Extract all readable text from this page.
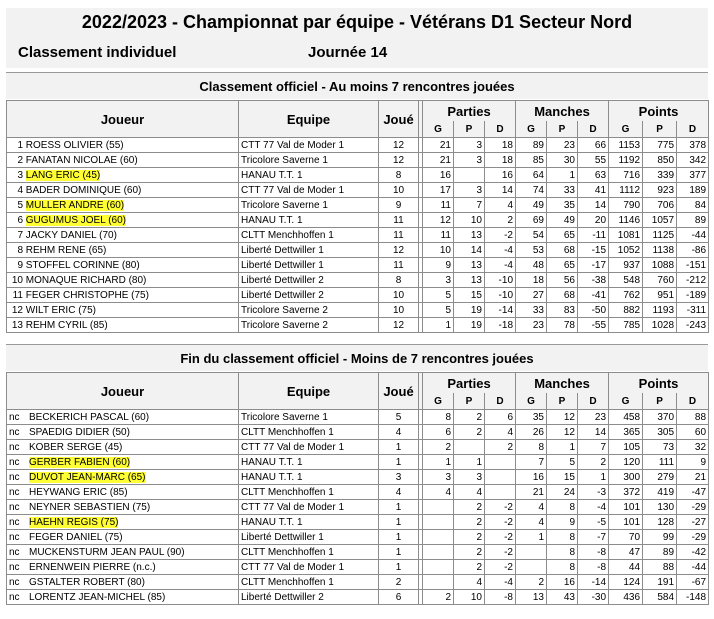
2022/2023 - Championnat par équipe - Vétérans D1 Secteur Nord
Classement individuel	Journée 14
Classement officiel - Au moins 7 rencontres jouées
Joueur	Equipe	Joué		Parties			Manches			Points		
				G	P	D	G	P	D	G	P	D
1 ROESS OLIVIER (55)	CTT 77 Val de Moder 1	12		21	3	18	89	23	66	1153	775	378
2 FANATAN NICOLAE (60)	Tricolore Saverne 1	12		21	3	18	85	30	55	1192	850	342
3 LANG ERIC (45)	HANAU T.T. 1	8		16		16	64	1	63	716	339	377
4 BADER DOMINIQUE (60)	CTT 77 Val de Moder 1	10		17	3	14	74	33	41	1112	923	189
5 MULLER ANDRE (60)	Tricolore Saverne 1	9		11	7	4	49	35	14	790	706	84
6 GUGUMUS JOEL (60)	HANAU T.T. 1	11		12	10	2	69	49	20	1146	1057	89
7 JACKY DANIEL (70)	CLTT Menchhoffen 1	11		11	13	-2	54	65	-11	1081	1125	-44
8 REHM RENE (65)	Liberté Dettwiller 1	12		10	14	-4	53	68	-15	1052	1138	-86
9 STOFFEL CORINNE (80)	Liberté Dettwiller 1	11		9	13	-4	48	65	-17	937	1088	-151
10 MONAQUE RICHARD (80)	Liberté Dettwiller 2	8		3	13	-10	18	56	-38	548	760	-212
11 FEGER CHRISTOPHE (75)	Liberté Dettwiller 2	10		5	15	-10	27	68	-41	762	951	-189
12 WILT ERIC (75)	Tricolore Saverne 2	10		5	19	-14	33	83	-50	882	1193	-311
13 REHM CYRIL (85)	Tricolore Saverne 2	12		1	19	-18	23	78	-55	785	1028	-243
Fin du classement officiel - Moins de 7 rencontres jouées
Joueur	Equipe	Joué		Parties			Manches			Points		
				G	P	D	G	P	D	G	P	D
nc BECKERICH PASCAL (60)	Tricolore Saverne 1	5		8	2	6	35	12	23	458	370	88
nc SPAEDIG DIDIER (50)	CLTT Menchhoffen 1	4		6	2	4	26	12	14	365	305	60
nc KOBER SERGE (45)	CTT 77 Val de Moder 1	1		2		2	8	1	7	105	73	32
nc GERBER FABIEN (60)	HANAU T.T. 1	1		1	1		7	5	2	120	111	9
nc DUVOT JEAN-MARC (65)	HANAU T.T. 1	3		3	3		16	15	1	300	279	21
nc HEYWANG ERIC (85)	CLTT Menchhoffen 1	4		4	4		21	24	-3	372	419	-47
nc NEYNER SEBASTIEN (75)	CTT 77 Val de Moder 1	1			2	-2	4	8	-4	101	130	-29
nc HAEHN REGIS (75)	HANAU T.T. 1	1			2	-2	4	9	-5	101	128	-27
nc FEGER DANIEL (75)	Liberté Dettwiller 1	1			2	-2	1	8	-7	70	99	-29
nc MUCKENSTURM JEAN PAUL (90)	CLTT Menchhoffen 1	1			2	-2		8	-8	47	89	-42
nc ERNENWEIN PIERRE (n.c.)	CTT 77 Val de Moder 1	1			2	-2		8	-8	44	88	-44
nc GSTALTER ROBERT (80)	CLTT Menchhoffen 1	2			4	-4	2	16	-14	124	191	-67
nc LORENTZ JEAN-MICHEL (85)	Liberté Dettwiller 2	6		2	10	-8	13	43	-30	436	584	-148
